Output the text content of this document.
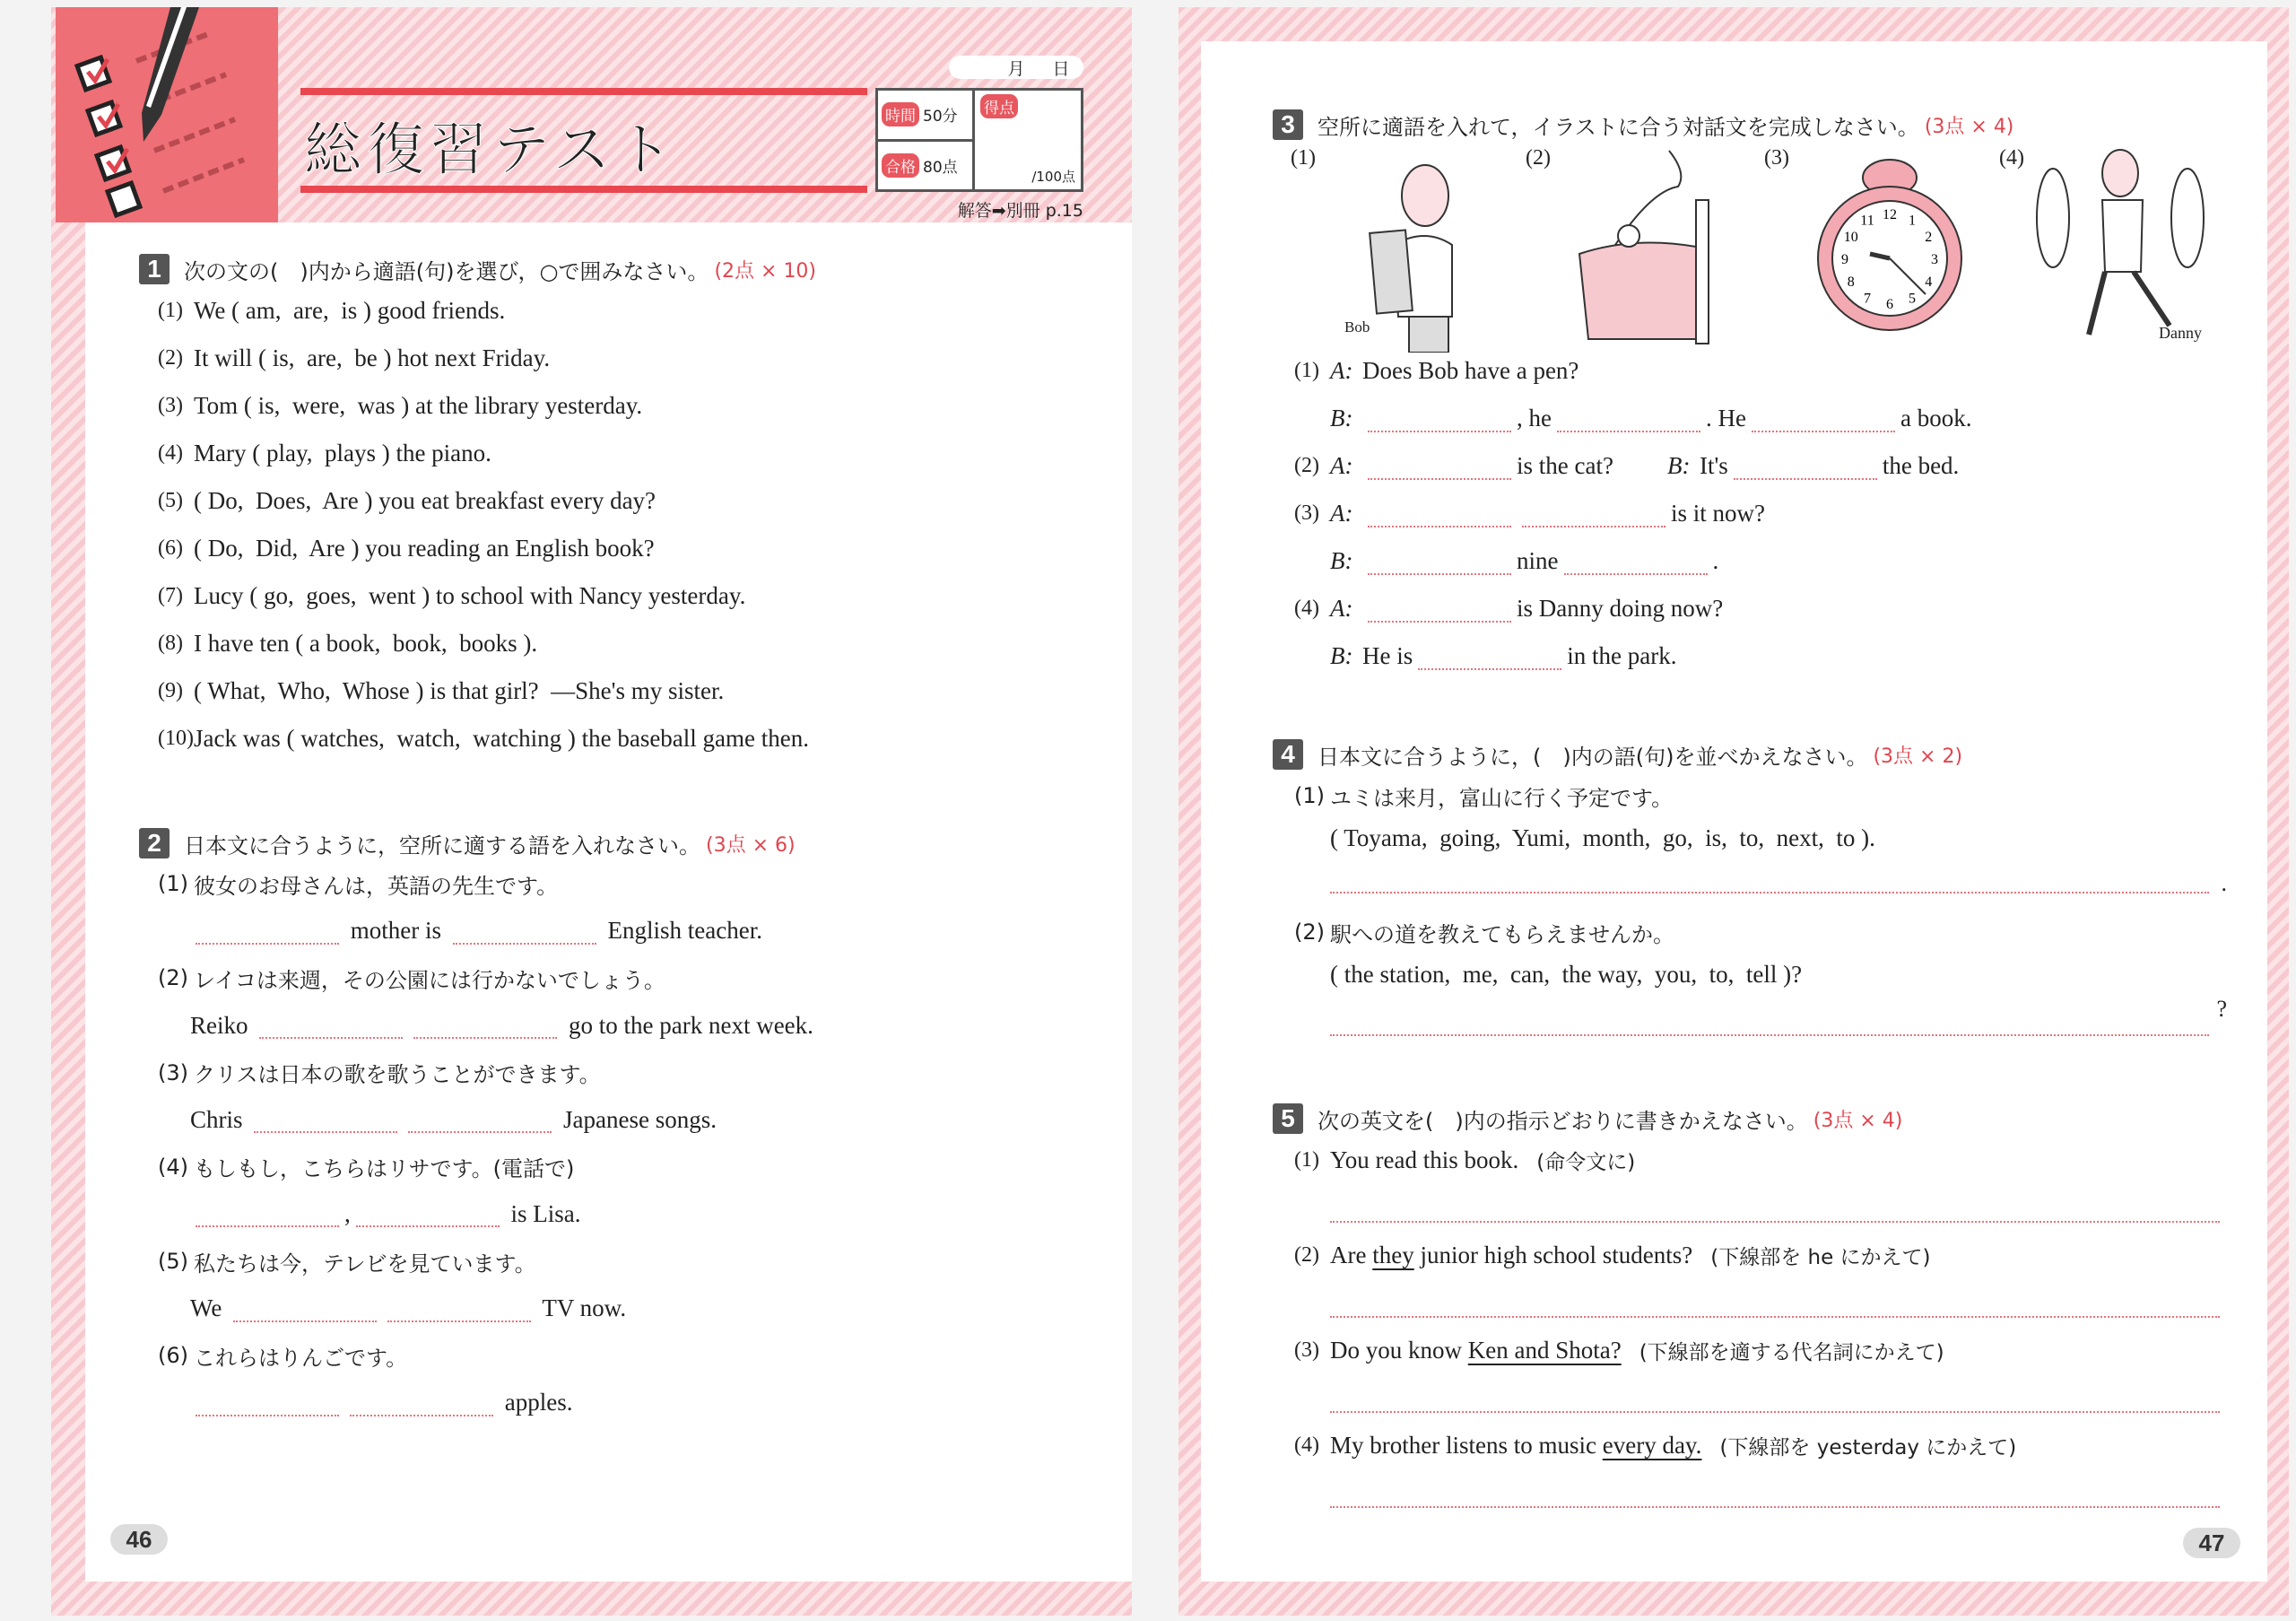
総復習テスト
月 日
時間 50分
合格 80点
得点
/100点
解答➡別冊 p.15
1	次の文の(　)内から適語(句)を選び，○で囲みなさい。 (2点 × 10)
(1) We ( am,  are,  is ) good friends.
(2) It will ( is,  are,  be ) hot next Friday.
(3) Tom ( is,  were,  was ) at the library yesterday.
(4) Mary ( play,  plays ) the piano.
(5) ( Do,  Does,  Are ) you eat breakfast every day?
(6) ( Do,  Did,  Are ) you reading an English book?
(7) Lucy ( go,  goes,  went ) to school with Nancy yesterday.
(8) I have ten ( a book,  book,  books ).
(9) ( What,  Who,  Whose ) is that girl?  —She's my sister.
(10) Jack was ( watches,  watch,  watching ) the baseball game then.
2	日本文に合うように，空所に適する語を入れなさい。 (3点 × 6)
(1) 彼女のお母さんは，英語の先生です。
mother is	English teacher.
(2) レイコは来週，その公園には行かないでしょう。
Reiko	go to the park next week.
(3) クリスは日本の歌を歌うことができます。
Chris	Japanese songs.
(4) もしもし，こちらはリサです。(電話で)
,	is Lisa.
(5) 私たちは今，テレビを見ています。
We	TV now.
(6) これらはりんごです。
apples.
46
3	空所に適語を入れて，イラストに合う対話文を完成しなさい。 (3点 × 4)
(1)
Bob
(2)	(3)
12 1
2
3
4
5
6
7
8
9
10
11
(4)
Danny
(1) A: Does Bob have a pen?
B:	, he	. He	a book.
(2) A:	is the cat? B: It's	the bed.
(3) A:	is it now?
B:	nine	.
(4) A:	is Danny doing now?
B: He is	in the park.
4	日本文に合うように，(　)内の語(句)を並べかえなさい。 (3点 × 2)
(1) ユミは来月，富山に行く予定です。
( Toyama,  going,  Yumi,  month,  go,  is,  to,  next,  to ).
.
(2) 駅への道を教えてもらえませんか。
( the station,  me,  can,  the way,  you,  to,  tell )?
?
5	次の英文を(　)内の指示どおりに書きかえなさい。 (3点 × 4)
(1) You read this book. (命令文に)
(2) Are they junior high school students? (下線部を he にかえて)
(3) Do you know Ken and Shota? (下線部を適する代名詞にかえて)
(4) My brother listens to music every day. (下線部を yesterday にかえて)
47
